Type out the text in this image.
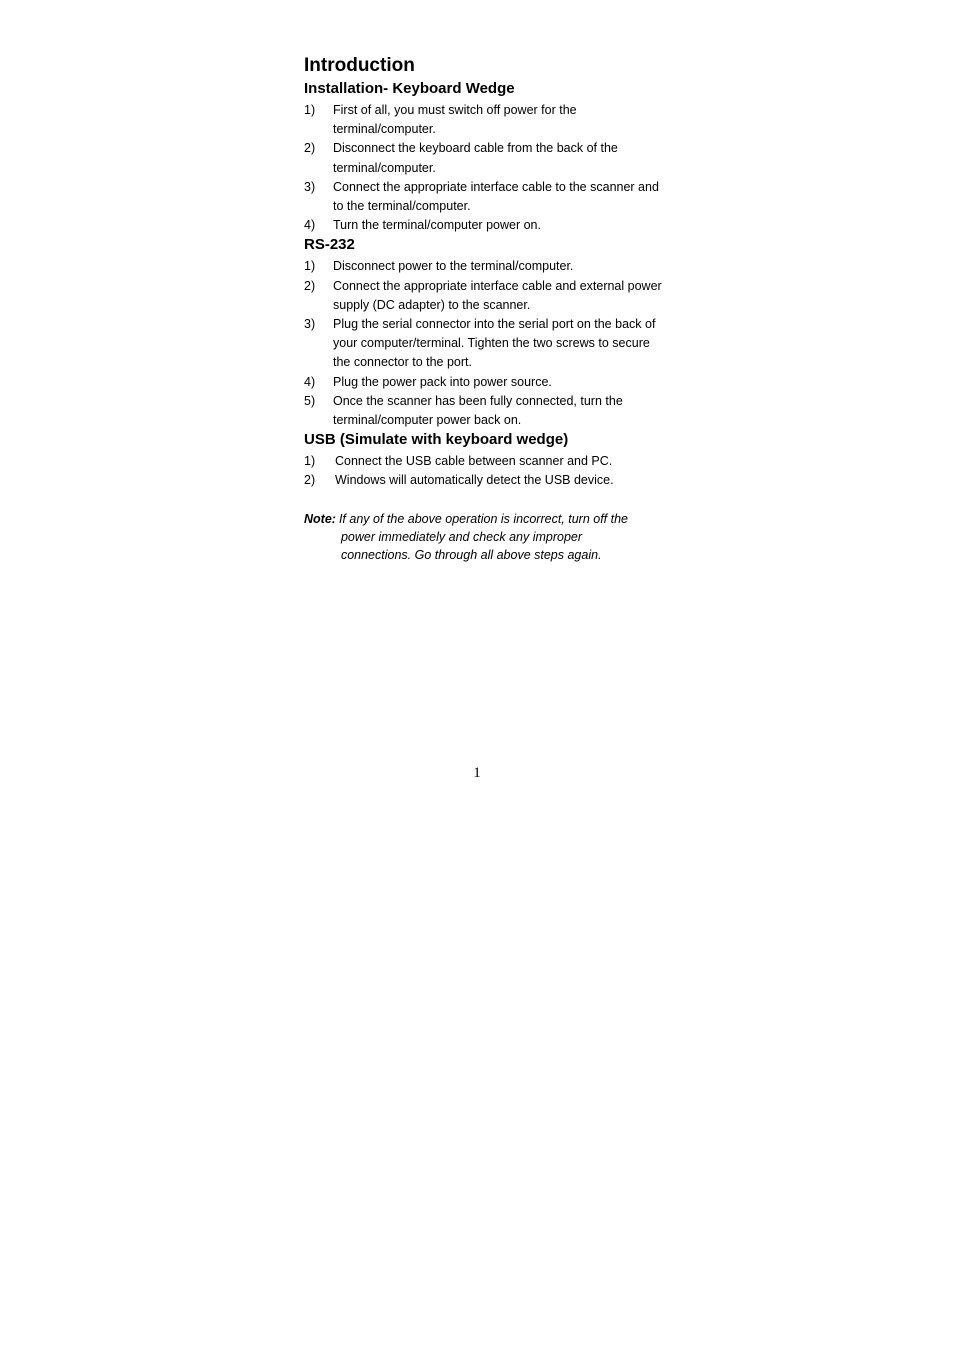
Introduction
Installation- Keyboard Wedge
1)	First of all, you must switch off power for the terminal/computer.
2)	Disconnect the keyboard cable from the back of the terminal/computer.
3)	Connect the appropriate interface cable to the scanner and to the terminal/computer.
4)	Turn the terminal/computer power on.
RS-232
1)	Disconnect power to the terminal/computer.
2)	Connect the appropriate interface cable and external power supply (DC adapter) to the scanner.
3)	Plug the serial connector into the serial port on the back of your computer/terminal. Tighten the two screws to secure the connector to the port.
4)	Plug the power pack into power source.
5)	Once the scanner has been fully connected, turn the terminal/computer power back on.
USB (Simulate with keyboard wedge)
1)	Connect the USB cable between scanner and PC.
2)	Windows will automatically detect the USB device.
Note: If any of the above operation is incorrect, turn off the
power immediately and check any improper connections. Go through all above steps again.
1
